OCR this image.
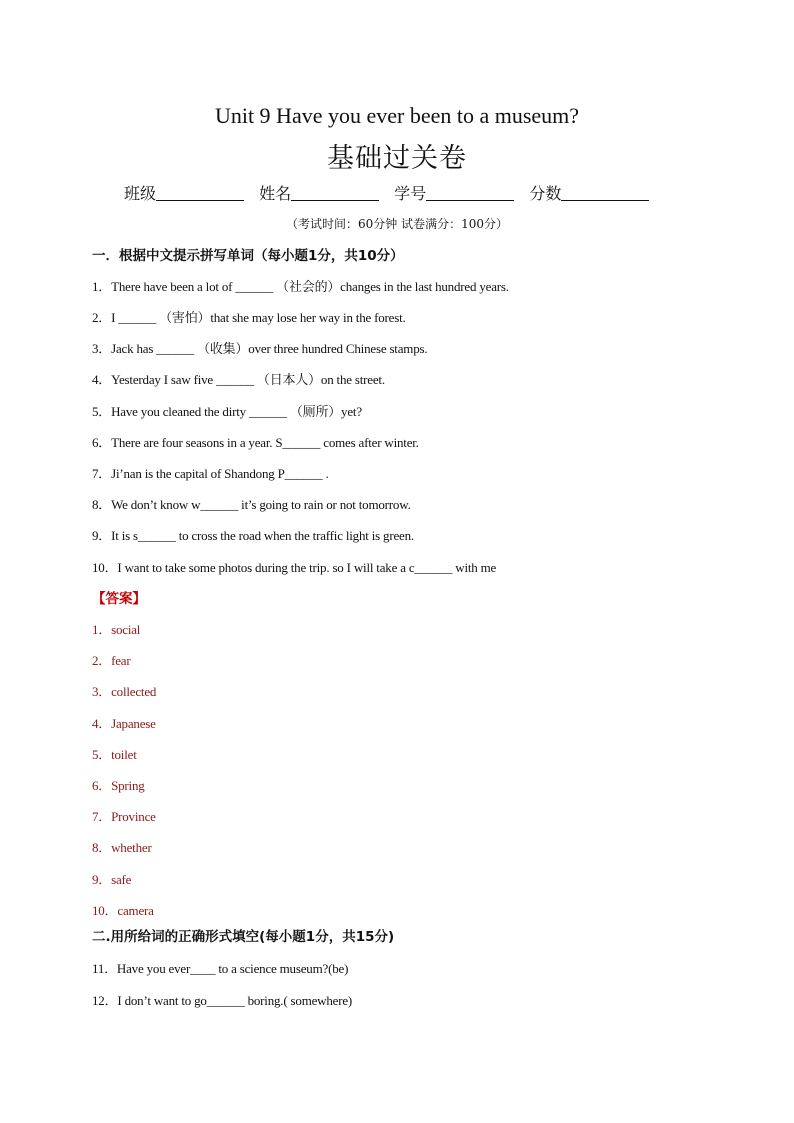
Unit 9 Have you ever been to a museum?
基础过关卷
班级	姓名	学号	分数
（考试时间：60分钟 试卷满分：100分）
一．根据中文提示拼写单词（每小题1分，共10分）
1．There have been a lot of ______ （社会的）changes in the last hundred years.
2．I ______ （害怕）that she may lose her way in the forest.
3．Jack has ______ （收集）over three hundred Chinese stamps.
4．Yesterday I saw five ______ （日本人）on the street.
5．Have you cleaned the dirty ______ （厕所）yet?
6．There are four seasons in a year. S______ comes after winter.
7．Ji’nan is the capital of Shandong P______ .
8．We don’t know w______ it’s going to rain or not tomorrow.
9．It is s______ to cross the road when the traffic light is green.
10．I want to take some photos during the trip. so I will take a c______ with me
【答案】
1．social
2．fear
3．collected
4．Japanese
5．toilet
6．Spring
7．Province
8．whether
9．safe
10．camera
二.用所给词的正确形式填空(每小题1分，共15分)
11．Have you ever____ to a science museum?(be)
12．I don’t want to go______ boring.( somewhere)
